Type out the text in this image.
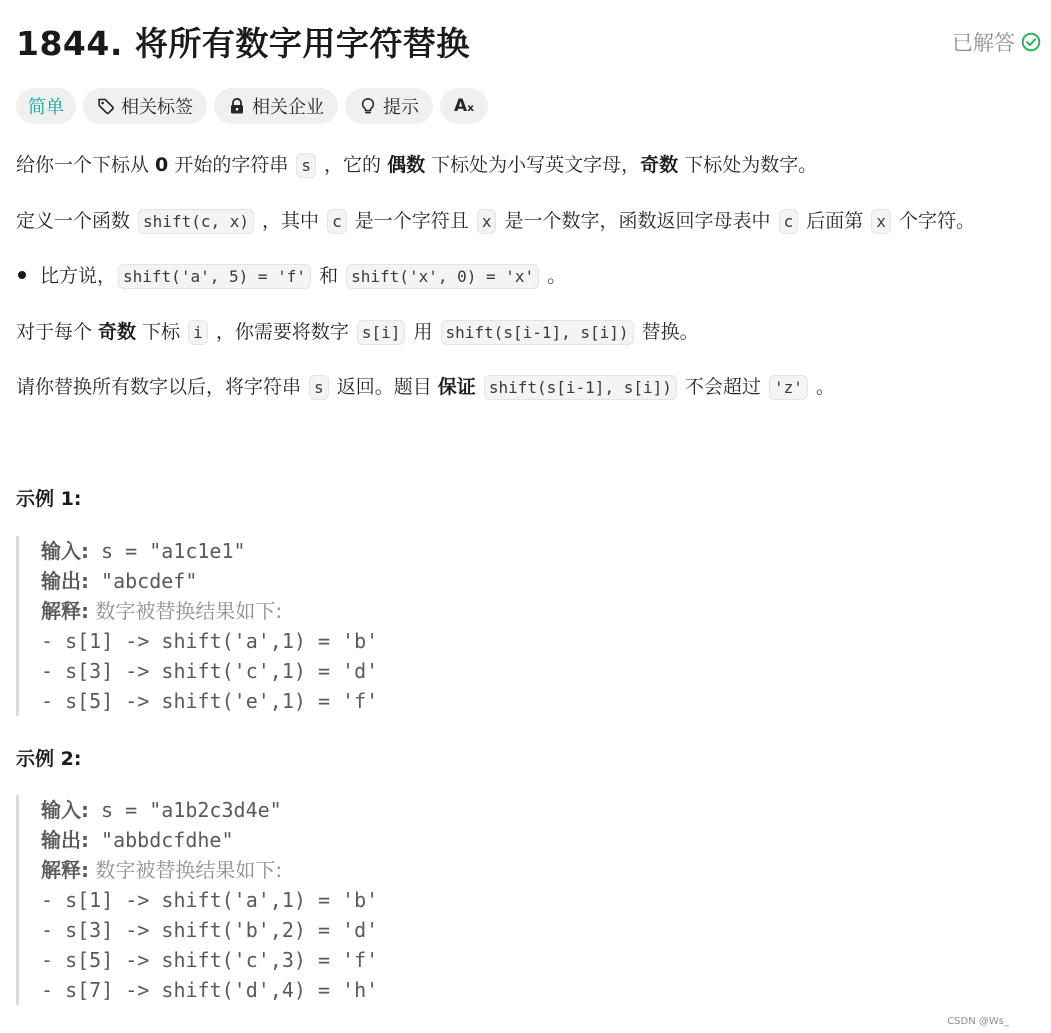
1844. 将所有数字用字符替换	已解答
简单	相关标签	相关企业	提示 Aₓ
给你一个下标从 0 开始的字符串 s ，它的 偶数 下标处为小写英文字母，奇数 下标处为数字。
定义一个函数 shift(c, x) ，其中 c 是一个字符且 x 是一个数字，函数返回字母表中 c 后面第 x 个字符。
比方说， shift('a', 5) = 'f' 和 shift('x', 0) = 'x' 。
对于每个 奇数 下标 i ，你需要将数字 s[i] 用 shift(s[i-1], s[i]) 替换。
请你替换所有数字以后，将字符串 s 返回。题目 保证 shift(s[i-1], s[i]) 不会超过 'z' 。
示例 1:
输入: s = "a1c1e1"
输出: "abcdef"
解释: 数字被替换结果如下:
- s[1] -> shift('a',1) = 'b'
- s[3] -> shift('c',1) = 'd'
- s[5] -> shift('e',1) = 'f'
示例 2:
输入: s = "a1b2c3d4e"
输出: "abbdcfdhe"
解释: 数字被替换结果如下:
- s[1] -> shift('a',1) = 'b'
- s[3] -> shift('b',2) = 'd'
- s[5] -> shift('c',3) = 'f'
- s[7] -> shift('d',4) = 'h'
CSDN @Ws_
